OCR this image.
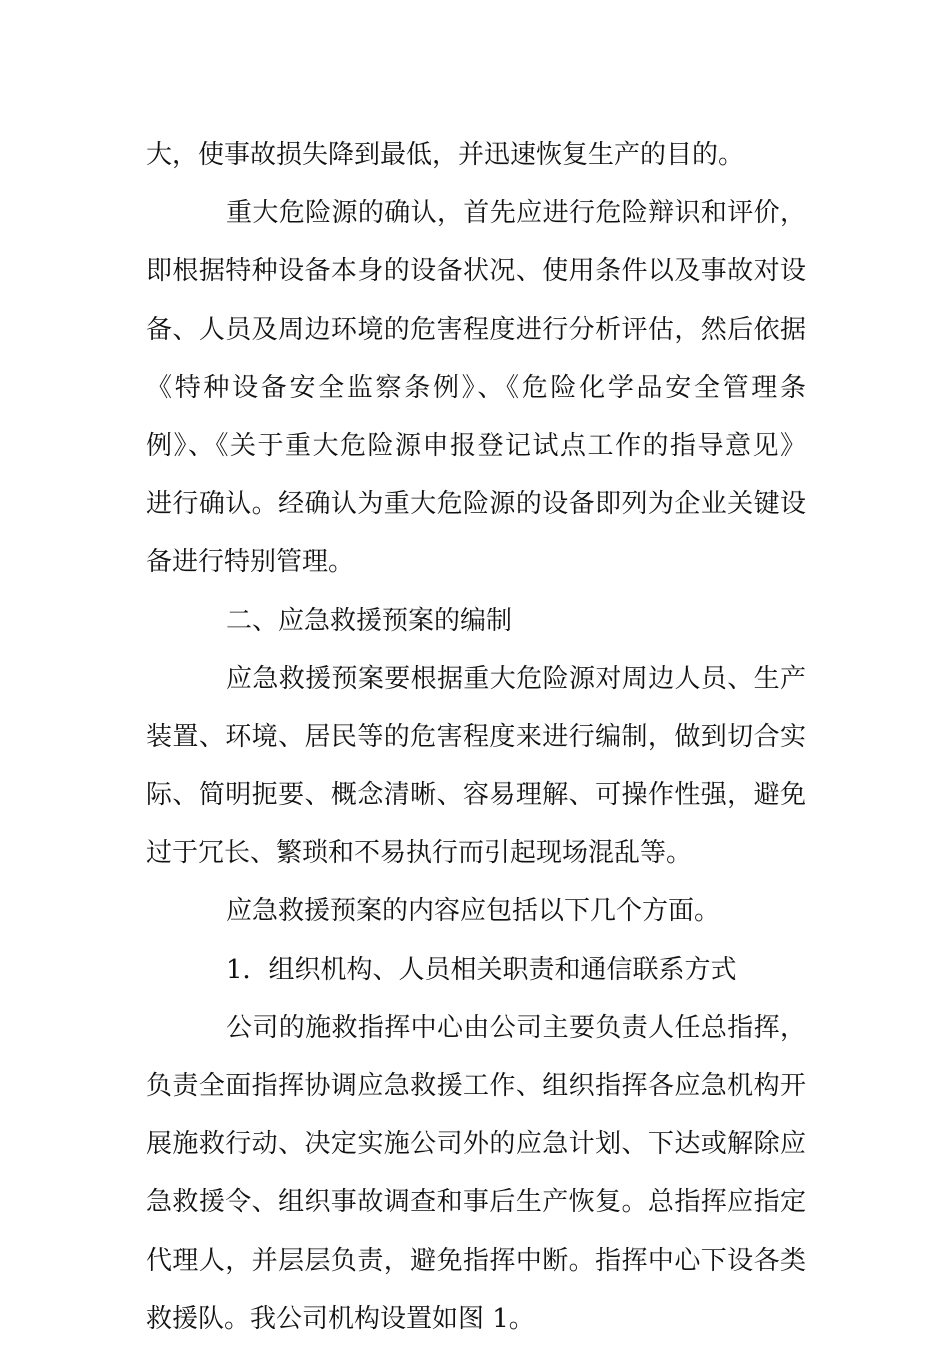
大，使事故损失降到最低，并迅速恢复生产的目的。
重大危险源的确认，首先应进行危险辩识和评价，
即根据特种设备本身的设备状况、使用条件以及事故对设
备、人员及周边环境的危害程度进行分析评估，然后依据
《特种设备安全监察条例》、《危险化学品安全管理条
例》、《关于重大危险源申报登记试点工作的指导意见》
进行确认。经确认为重大危险源的设备即列为企业关键设
备进行特别管理。
二、应急救援预案的编制
应急救援预案要根据重大危险源对周边人员、生产
装置、环境、居民等的危害程度来进行编制，做到切合实
际、简明扼要、概念清晰、容易理解、可操作性强，避免
过于冗长、繁琐和不易执行而引起现场混乱等。
应急救援预案的内容应包括以下几个方面。
1．组织机构、人员相关职责和通信联系方式
公司的施救指挥中心由公司主要负责人任总指挥，
负责全面指挥协调应急救援工作、组织指挥各应急机构开
展施救行动、决定实施公司外的应急计划、下达或解除应
急救援令、组织事故调查和事后生产恢复。总指挥应指定
代理人，并层层负责，避免指挥中断。指挥中心下设各类
救援队。我公司机构设置如图 1。
